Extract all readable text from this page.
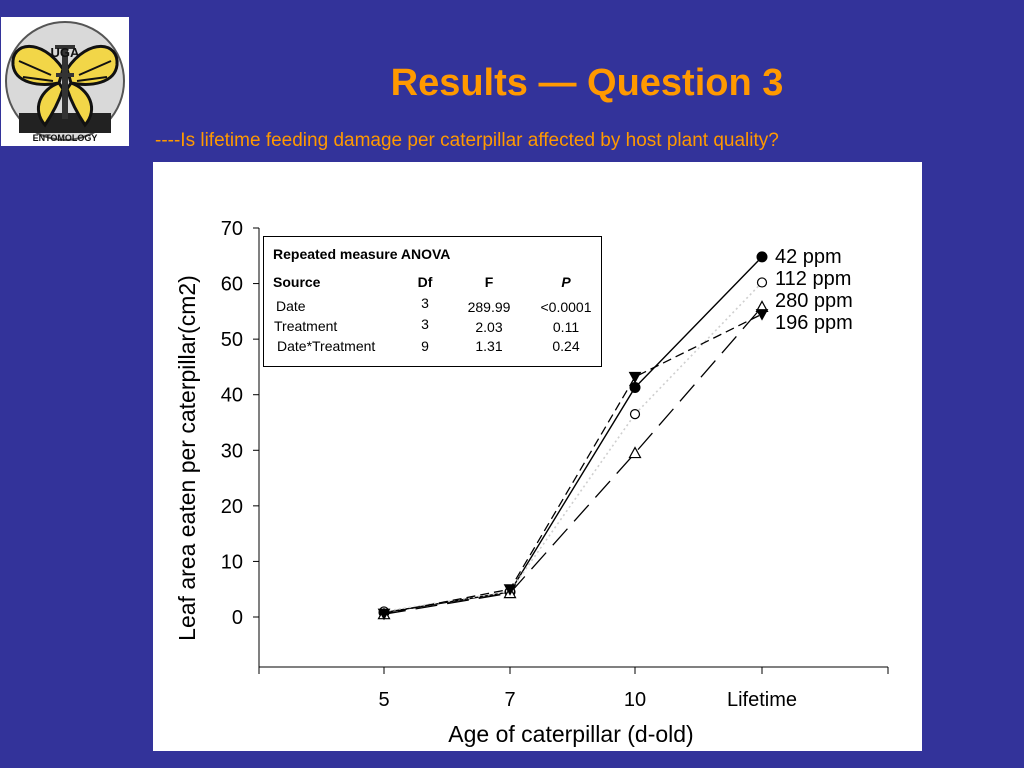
UGA
ENTOMOLOGY
Results — Question 3
----Is lifetime feeding damage per caterpillar affected by host plant quality?
0
10
20
30
40
50
60
70
5	7	10	Lifetime
Age of caterpillar (d-old)
Leaf area eaten per caterpillar(cm2)
42 ppm
112 ppm
280 ppm
196 ppm
Repeated measure ANOVA
Source	Df	F	P
Date	3	289.99 <0.0001
Treatment	3	2.03	0.11
Date*Treatment	9	1.31	0.24
